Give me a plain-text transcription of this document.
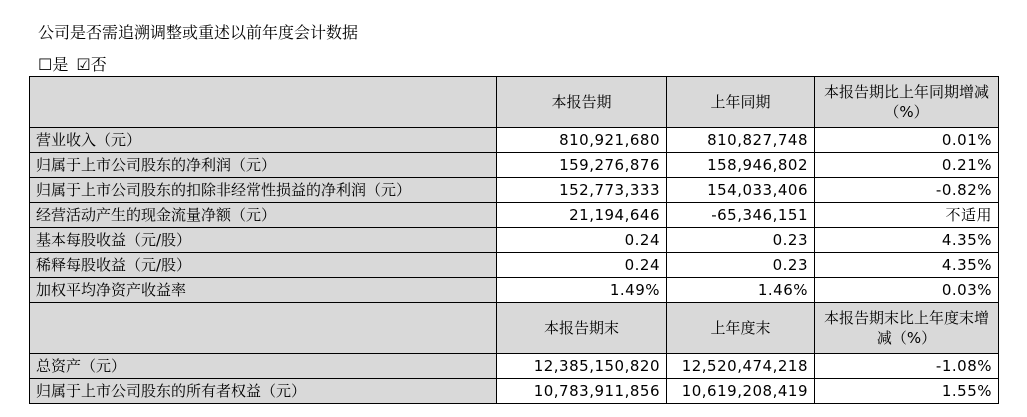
公司是否需追溯调整或重述以前年度会计数据
☐是 ☑否
	本报告期	上年同期	本报告期比上年同期增减（%）
营业收入（元）	810,921,680	810,827,748	0.01%
归属于上市公司股东的净利润（元）	159,276,876	158,946,802	0.21%
归属于上市公司股东的扣除非经常性损益的净利润（元）	152,773,333	154,033,406	-0.82%
经营活动产生的现金流量净额（元）	21,194,646	-65,346,151	不适用
基本每股收益（元/股）	0.24	0.23	4.35%
稀释每股收益（元/股）	0.24	0.23	4.35%
加权平均净资产收益率	1.49%	1.46%	0.03%
	本报告期末	上年度末	本报告期末比上年度末增减（%）
总资产（元）	12,385,150,820	12,520,474,218	-1.08%
归属于上市公司股东的所有者权益（元）	10,783,911,856	10,619,208,419	1.55%
